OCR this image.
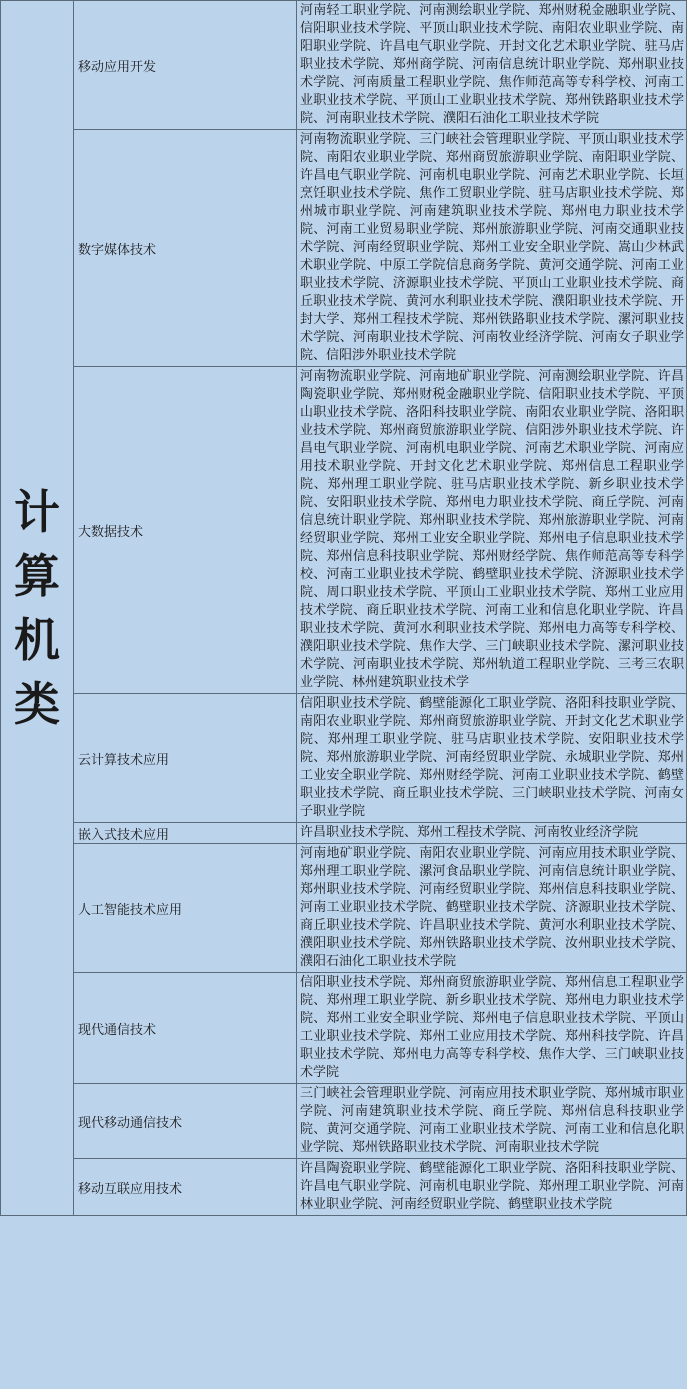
计算机类	移动应用开发	河南轻工职业学院、河南测绘职业学院、郑州财税金融职业学院、信阳职业技术学院、平顶山职业技术学院、南阳农业职业学院、南阳职业学院、许昌电气职业学院、开封文化艺术职业学院、驻马店职业技术学院、郑州商学院、河南信息统计职业学院、郑州职业技术学院、河南质量工程职业学院、焦作师范高等专科学校、河南工业职业技术学院、平顶山工业职业技术学院、郑州铁路职业技术学院、河南职业技术学院、濮阳石油化工职业技术学院
	数字媒体技术	河南物流职业学院、三门峡社会管理职业学院、平顶山职业技术学院、南阳农业职业学院、郑州商贸旅游职业学院、南阳职业学院、许昌电气职业学院、河南机电职业学院、河南艺术职业学院、长垣烹饪职业技术学院、焦作工贸职业学院、驻马店职业技术学院、郑州城市职业学院、河南建筑职业技术学院、郑州电力职业技术学院、河南工业贸易职业学院、郑州旅游职业学院、河南交通职业技术学院、河南经贸职业学院、郑州工业安全职业学院、嵩山少林武术职业学院、中原工学院信息商务学院、黄河交通学院、河南工业职业技术学院、济源职业技术学院、平顶山工业职业技术学院、商丘职业技术学院、黄河水利职业技术学院、濮阳职业技术学院、开封大学、郑州工程技术学院、郑州铁路职业技术学院、漯河职业技术学院、河南职业技术学院、河南牧业经济学院、河南女子职业学院、信阳涉外职业技术学院
	大数据技术	河南物流职业学院、河南地矿职业学院、河南测绘职业学院、许昌陶瓷职业学院、郑州财税金融职业学院、信阳职业技术学院、平顶山职业技术学院、洛阳科技职业学院、南阳农业职业学院、洛阳职业技术学院、郑州商贸旅游职业学院、信阳涉外职业技术学院、许昌电气职业学院、河南机电职业学院、河南艺术职业学院、河南应用技术职业学院、开封文化艺术职业学院、郑州信息工程职业学院、郑州理工职业学院、驻马店职业技术学院、新乡职业技术学院、安阳职业技术学院、郑州电力职业技术学院、商丘学院、河南信息统计职业学院、郑州职业技术学院、郑州旅游职业学院、河南经贸职业学院、郑州工业安全职业学院、郑州电子信息职业技术学院、郑州信息科技职业学院、郑州财经学院、焦作师范高等专科学校、河南工业职业技术学院、鹤壁职业技术学院、济源职业技术学院、周口职业技术学院、平顶山工业职业技术学院、郑州工业应用技术学院、商丘职业技术学院、河南工业和信息化职业学院、许昌职业技术学院、黄河水利职业技术学院、郑州电力高等专科学校、濮阳职业技术学院、焦作大学、三门峡职业技术学院、漯河职业技术学院、河南职业技术学院、郑州轨道工程职业学院、三考三农职业学院、林州建筑职业技术学
	云计算技术应用	信阳职业技术学院、鹤壁能源化工职业学院、洛阳科技职业学院、南阳农业职业学院、郑州商贸旅游职业学院、开封文化艺术职业学院、郑州理工职业学院、驻马店职业技术学院、安阳职业技术学院、郑州旅游职业学院、河南经贸职业学院、永城职业学院、郑州工业安全职业学院、郑州财经学院、河南工业职业技术学院、鹤壁职业技术学院、商丘职业技术学院、三门峡职业技术学院、河南女子职业学院
	嵌入式技术应用	许昌职业技术学院、郑州工程技术学院、河南牧业经济学院
	人工智能技术应用	河南地矿职业学院、南阳农业职业学院、河南应用技术职业学院、郑州理工职业学院、漯河食品职业学院、河南信息统计职业学院、郑州职业技术学院、河南经贸职业学院、郑州信息科技职业学院、河南工业职业技术学院、鹤壁职业技术学院、济源职业技术学院、商丘职业技术学院、许昌职业技术学院、黄河水利职业技术学院、濮阳职业技术学院、郑州铁路职业技术学院、汝州职业技术学院、濮阳石油化工职业技术学院
	现代通信技术	信阳职业技术学院、郑州商贸旅游职业学院、郑州信息工程职业学院、郑州理工职业学院、新乡职业技术学院、郑州电力职业技术学院、郑州工业安全职业学院、郑州电子信息职业技术学院、平顶山工业职业技术学院、郑州工业应用技术学院、郑州科技学院、许昌职业技术学院、郑州电力高等专科学校、焦作大学、三门峡职业技术学院
	现代移动通信技术	三门峡社会管理职业学院、河南应用技术职业学院、郑州城市职业学院、河南建筑职业技术学院、商丘学院、郑州信息科技职业学院、黄河交通学院、河南工业职业技术学院、河南工业和信息化职业学院、郑州铁路职业技术学院、河南职业技术学院
	移动互联应用技术	许昌陶瓷职业学院、鹤壁能源化工职业学院、洛阳科技职业学院、许昌电气职业学院、河南机电职业学院、郑州理工职业学院、河南林业职业学院、河南经贸职业学院、鹤壁职业技术学院
